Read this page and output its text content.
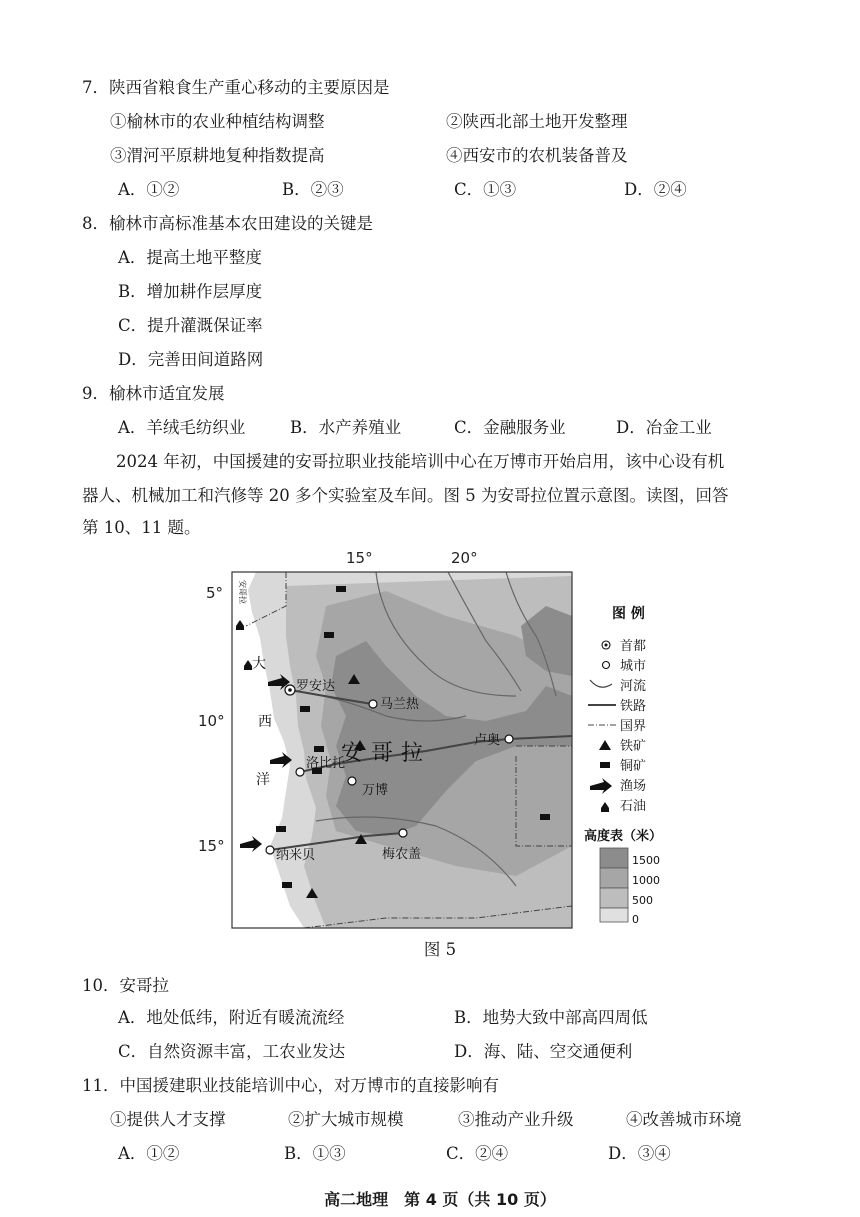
7．陕西省粮食生产重心移动的主要原因是
①榆林市的农业种植结构调整	②陕西北部土地开发整理
③渭河平原耕地复种指数提高	④西安市的农机装备普及
A．①②	B．②③	C．①③	D．②④
8．榆林市高标准基本农田建设的关键是
A．提高土地平整度
B．增加耕作层厚度
C．提升灌溉保证率
D．完善田间道路网
9．榆林市适宜发展
A．羊绒毛纺织业	B．水产养殖业	C．金融服务业	D．冶金工业
2024 年初，中国援建的安哥拉职业技能培训中心在万博市开始启用，该中心设有机
器人、机械加工和汽修等 20 多个实验室及车间。图 5 为安哥拉位置示意图。读图，回答
第 10、11 题。
15°	20°
5°
10°
15°
罗安达
马兰热
卢奥
洛比托
万博
梅农盖
纳米贝
安哥拉
大
西
洋
安哥拉
图 例
首都
城市
河流
铁路
国界
铁矿
铜矿
渔场
石油
高度表（米）
1500
1000
500
0
图 5
10．安哥拉
A．地处低纬，附近有暖流流经	B．地势大致中部高四周低
C．自然资源丰富，工农业发达	D．海、陆、空交通便利
11．中国援建职业技能培训中心，对万博市的直接影响有
①提供人才支撑	②扩大城市规模	③推动产业升级	④改善城市环境
A．①②	B．①③	C．②④	D．③④
高二地理　第 4 页（共 10 页）
